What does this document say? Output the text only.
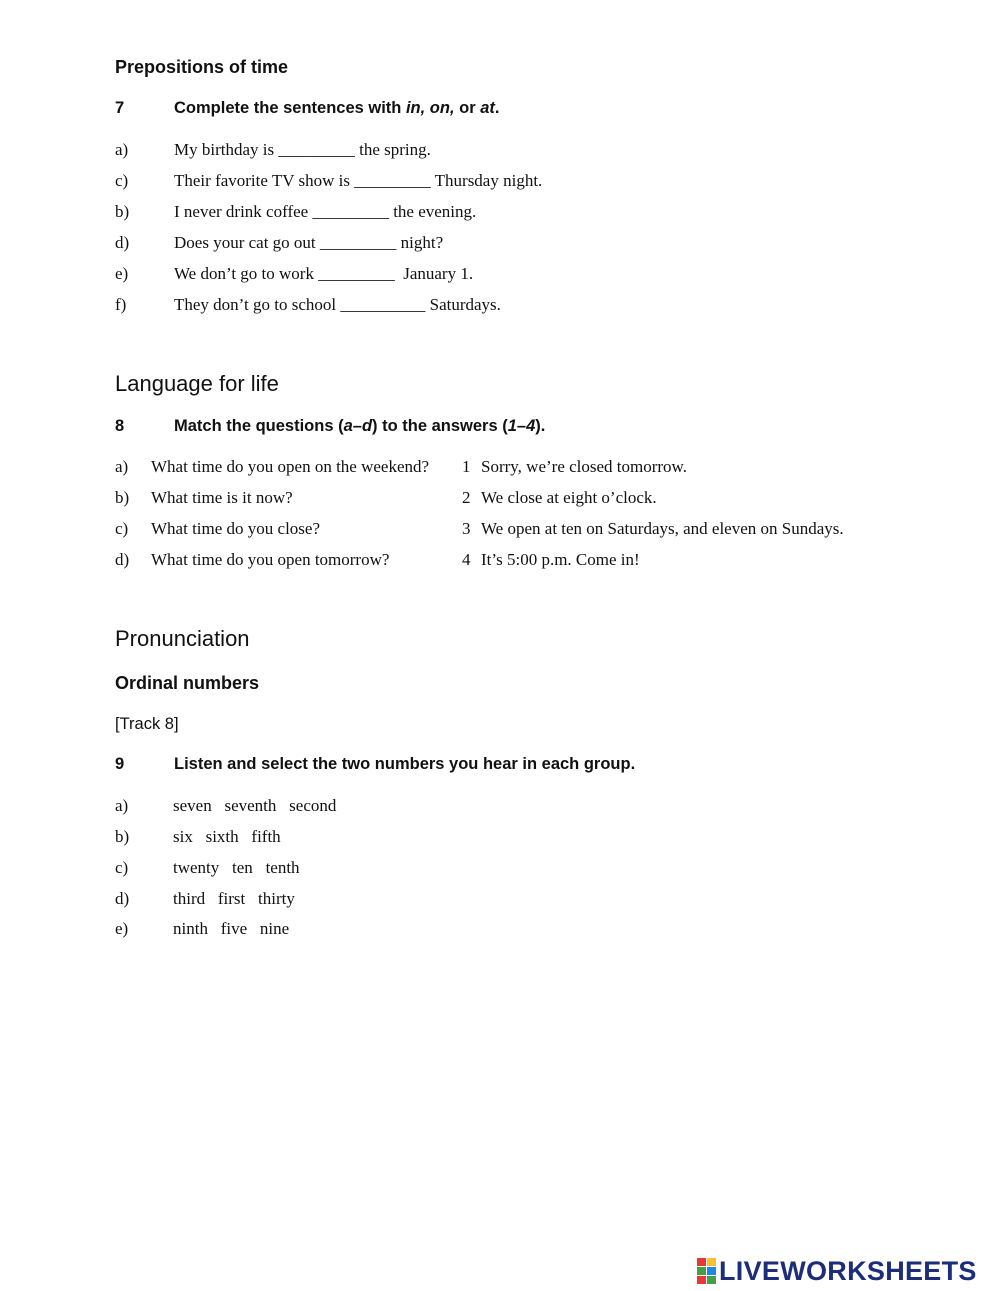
Prepositions of time
7	Complete the sentences with in, on, or at.
a)	My birthday is _________ the spring.
c)	Their favorite TV show is _________ Thursday night.
b)	I never drink coffee _________ the evening.
d)	Does your cat go out _________ night?
e)	We don’t go to work _________  January 1.
f)	They don’t go to school __________ Saturdays.
Language for life
8	Match the questions (a–d) to the answers (1–4).
a) What time do you open on the weekend? 1 Sorry, we’re closed tomorrow.
b) What time is it now?	2 We close at eight o’clock.
c) What time do you close?	3 We open at ten on Saturdays, and eleven on Sundays.
d) What time do you open tomorrow?	4 It’s 5:00 p.m. Come in!
Pronunciation
Ordinal numbers
[Track 8]
9	Listen and select the two numbers you hear in each group.
a)	seven seventh second
b)	six sixth fifth
c)	twenty ten tenth
d)	third first thirty
e)	ninth five nine
LIVEWORKSHEETS
